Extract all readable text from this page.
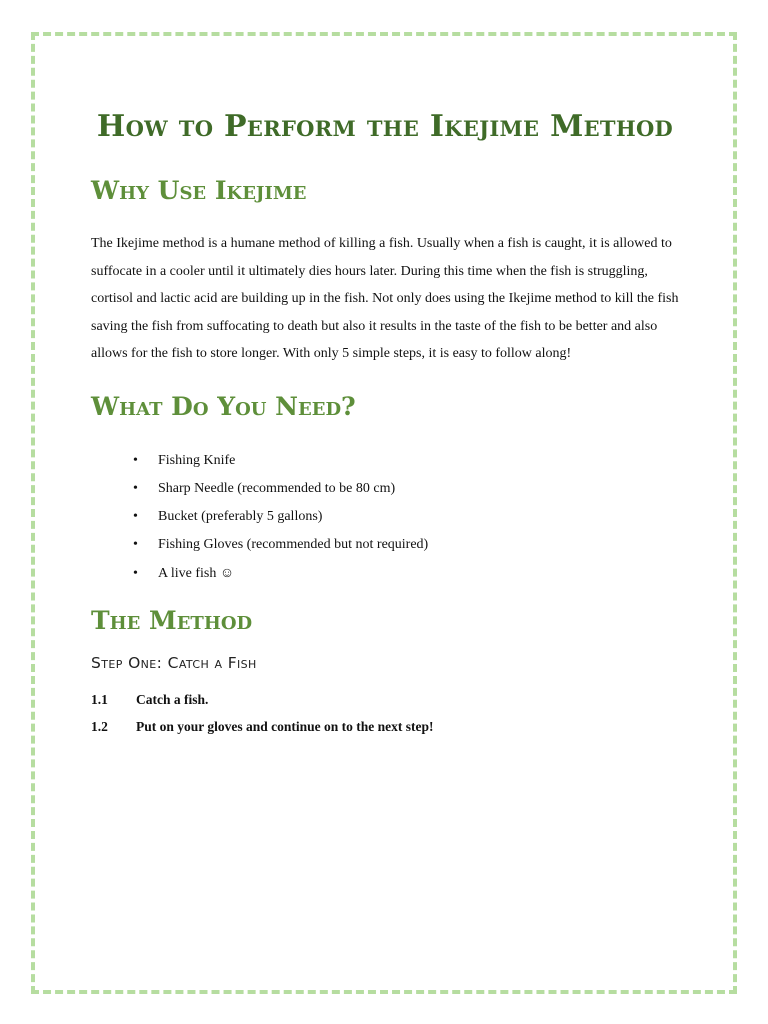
How to Perform the Ikejime Method
Why Use Ikejime

The Ikejime method is a humane method of killing a fish. Usually when a fish is caught, it is allowed to suffocate in a cooler until it ultimately dies hours later. During this time when the fish is struggling, cortisol and lactic acid are building up in the fish. Not only does using the Ikejime method to kill the fish saving the fish from suffocating to death but also it results in the taste of the fish to be better and also allows for the fish to store longer. With only 5 simple steps, it is easy to follow along!

What Do You Need?
• Fishing Knife
• Sharp Needle (recommended to be 80 cm)
• Bucket (preferably 5 gallons)
• Fishing Gloves (recommended but not required)
• A live fish ☺
The Method
Step One: Catch a Fish
1.1	Catch a fish.
1.2	Put on your gloves and continue on to the next step!
